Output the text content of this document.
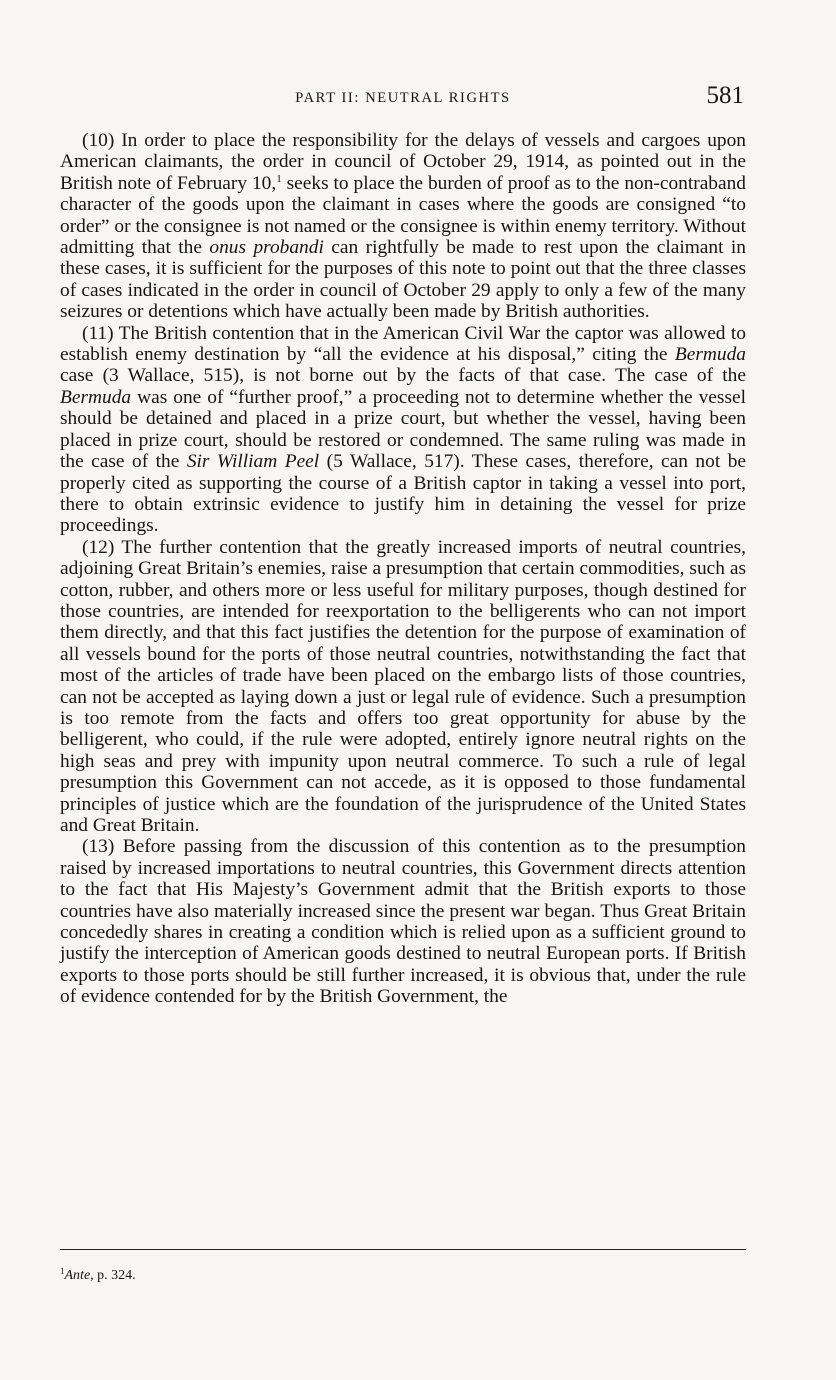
PART II: NEUTRAL RIGHTS	581

(10) In order to place the responsibility for the delays of vessels and cargoes upon American claimants, the order in council of October 29, 1914, as pointed out in the British note of February 10,$^1$ seeks to place the burden of proof as to the non-contraband character of the goods upon the claimant in cases where the goods are consigned “to order” or the consignee is not named or the consignee is within enemy territory. Without admitting that the onus probandi can rightfully be made to rest upon the claimant in these cases, it is sufficient for the purposes of this note to point out that the three classes of cases indicated in the order in council of October 29 apply to only a few of the many seizures or detentions which have actually been made by British authorities.

(11) The British contention that in the American Civil War the captor was allowed to establish enemy destination by “all the evidence at his disposal,” citing the Bermuda case (3 Wallace, 515), is not borne out by the facts of that case. The case of the Bermuda was one of “further proof,” a proceeding not to determine whether the vessel should be detained and placed in a prize court, but whether the vessel, having been placed in prize court, should be restored or condemned. The same ruling was made in the case of the Sir William Peel (5 Wallace, 517). These cases, therefore, can not be properly cited as supporting the course of a British captor in taking a vessel into port, there to obtain extrinsic evidence to justify him in detaining the vessel for prize proceedings.

(12) The further contention that the greatly increased imports of neutral countries, adjoining Great Britain’s enemies, raise a presumption that certain commodities, such as cotton, rubber, and others more or less useful for military purposes, though destined for those countries, are intended for reexportation to the belligerents who can not import them directly, and that this fact justifies the detention for the purpose of examination of all vessels bound for the ports of those neutral countries, notwithstanding the fact that most of the articles of trade have been placed on the embargo lists of those countries, can not be accepted as laying down a just or legal rule of evidence. Such a presumption is too remote from the facts and offers too great opportunity for abuse by the belligerent, who could, if the rule were adopted, entirely ignore neutral rights on the high seas and prey with impunity upon neutral commerce. To such a rule of legal presumption this Government can not accede, as it is opposed to those fundamental principles of justice which are the foundation of the jurisprudence of the United States and Great Britain.

(13) Before passing from the discussion of this contention as to the presumption raised by increased importations to neutral countries, this Government directs attention to the fact that His Majesty’s Government admit that the British exports to those countries have also materially increased since the present war began. Thus Great Britain concededly shares in creating a condition which is relied upon as a sufficient ground to justify the interception of American goods destined to neutral European ports. If British exports to those ports should be still further increased, it is obvious that, under the rule of evidence contended for by the British Government, the

$^1$Ante, p. 324.
